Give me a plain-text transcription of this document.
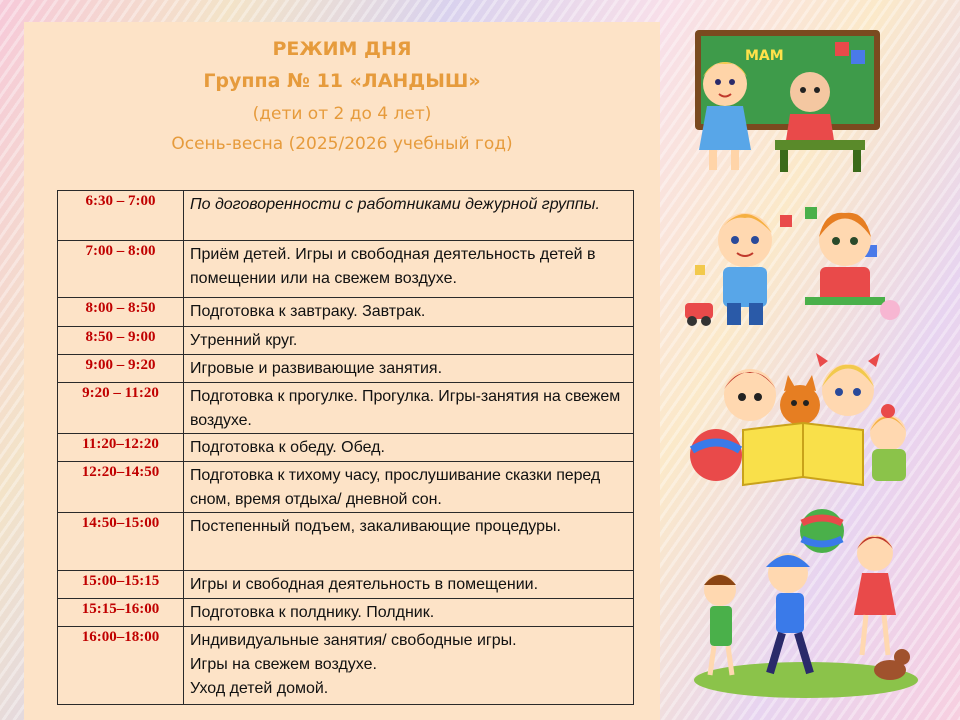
РЕЖИМ ДНЯ
Группа № 11 «ЛАНДЫШ»
(дети от 2 до 4 лет)
Осень-весна (2025/2026 учебный год)
6:30 – 7:00	По договоренности с работниками дежурной группы.
7:00 – 8:00	Приём детей. Игры и свободная деятельность детей в помещении или на свежем воздухе.
8:00 – 8:50	Подготовка к завтраку. Завтрак.
8:50 – 9:00	Утренний круг.
9:00 – 9:20	Игровые и развивающие занятия.
9:20 – 11:20	Подготовка к прогулке. Прогулка. Игры-занятия на свежем воздухе.
11:20–12:20	Подготовка к обеду. Обед.
12:20–14:50	Подготовка к тихому часу, прослушивание сказки перед сном, время отдыха/ дневной сон.
14:50–15:00	Постепенный подъем, закаливающие процедуры.
15:00–15:15	Игры и свободная деятельность в помещении.
15:15–16:00	Подготовка к полднику. Полдник.
16:00–18:00	Индивидуальные занятия/ свободные игры.
Игры на свежем воздухе.
Уход детей домой.
МАМ
